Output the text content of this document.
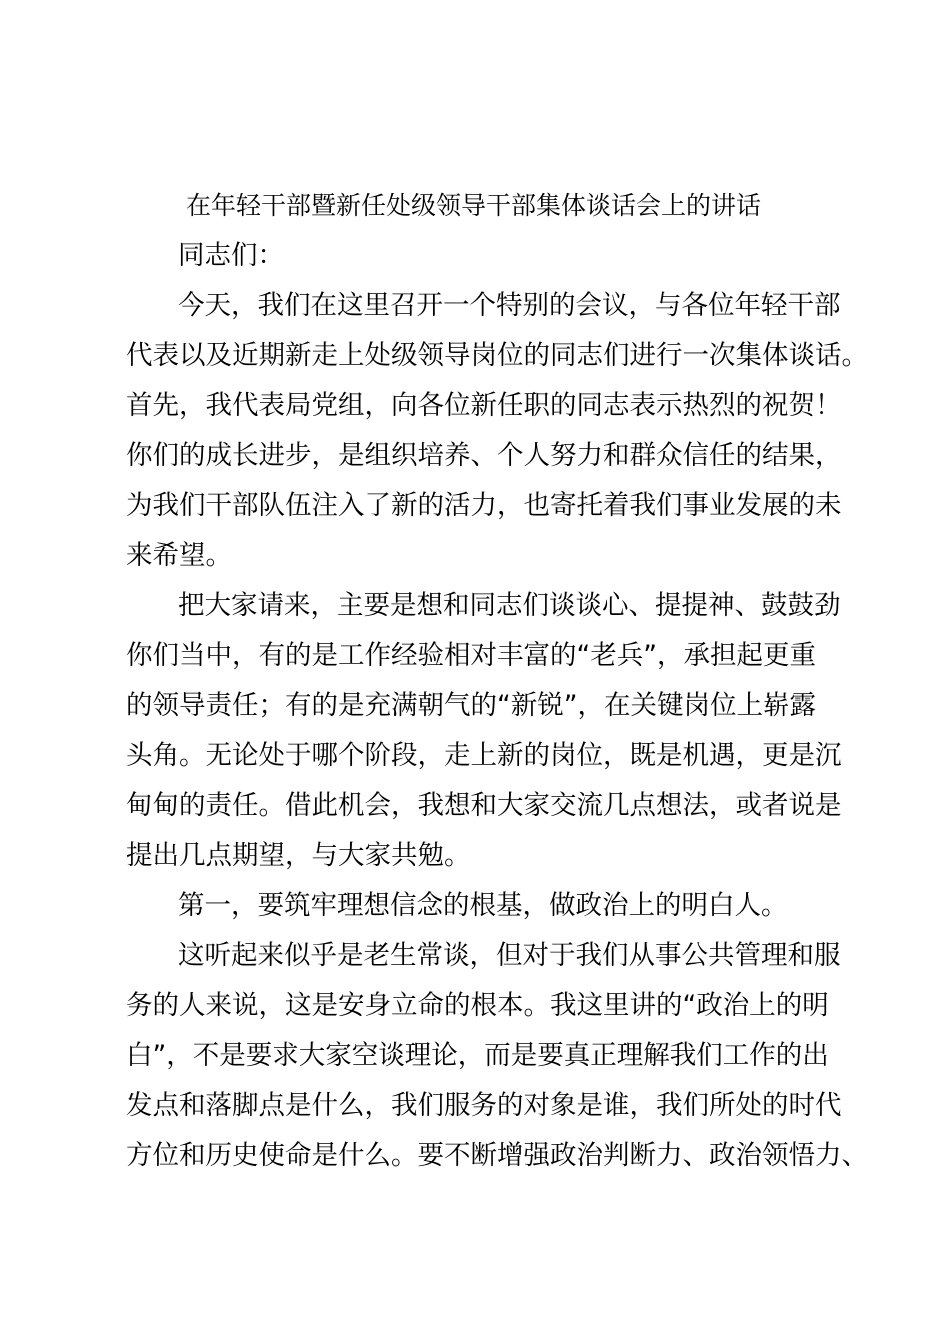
在年轻干部暨新任处级领导干部集体谈话会上的讲话
同志们：
今天，我们在这里召开一个特别的会议，与各位年轻干部
代表以及近期新走上处级领导岗位的同志们进行一次集体谈话。
首先，我代表局党组，向各位新任职的同志表示热烈的祝贺！
你们的成长进步，是组织培养、个人努力和群众信任的结果，
为我们干部队伍注入了新的活力，也寄托着我们事业发展的未
来希望。
把大家请来，主要是想和同志们谈谈心、提提神、鼓鼓劲
你们当中，有的是工作经验相对丰富的“老兵”，承担起更重
的领导责任；有的是充满朝气的“新锐”，在关键岗位上崭露
头角。无论处于哪个阶段，走上新的岗位，既是机遇，更是沉
甸甸的责任。借此机会，我想和大家交流几点想法，或者说是
提出几点期望，与大家共勉。
第一，要筑牢理想信念的根基，做政治上的明白人。
这听起来似乎是老生常谈，但对于我们从事公共管理和服
务的人来说，这是安身立命的根本。我这里讲的“政治上的明
白”，不是要求大家空谈理论，而是要真正理解我们工作的出
发点和落脚点是什么，我们服务的对象是谁，我们所处的时代
方位和历史使命是什么。要不断增强政治判断力、政治领悟力、
